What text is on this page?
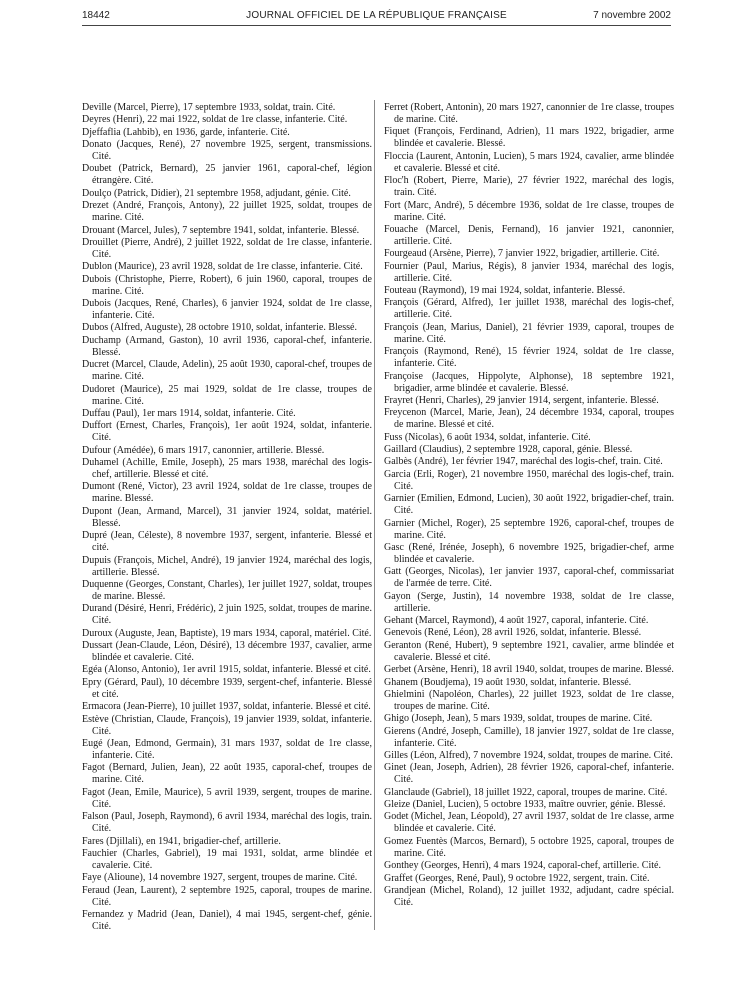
18442	JOURNAL OFFICIEL DE LA RÉPUBLIQUE FRANÇAISE	7 novembre 2002

Deville (Marcel, Pierre), 17 septembre 1933, soldat, train. Cité.

Deyres (Henri), 22 mai 1922, soldat de 1re classe, infanterie. Cité.

Djeffaflia (Lahbib), en 1936, garde, infanterie. Cité.

Donato (Jacques, René), 27 novembre 1925, sergent, transmissions. Cité.

Doubet (Patrick, Bernard), 25 janvier 1961, caporal-chef, légion étrangère. Cité.

Doulço (Patrick, Didier), 21 septembre 1958, adjudant, génie. Cité.

Drezet (André, François, Antony), 22 juillet 1925, soldat, troupes de marine. Cité.

Drouant (Marcel, Jules), 7 septembre 1941, soldat, infanterie. Blessé.

Drouillet (Pierre, André), 2 juillet 1922, soldat de 1re classe, infanterie. Cité.

Dublon (Maurice), 23 avril 1928, soldat de 1re classe, infanterie. Cité.

Dubois (Christophe, Pierre, Robert), 6 juin 1960, caporal, troupes de marine. Cité.

Dubois (Jacques, René, Charles), 6 janvier 1924, soldat de 1re classe, infanterie. Cité.

Dubos (Alfred, Auguste), 28 octobre 1910, soldat, infanterie. Blessé.

Duchamp (Armand, Gaston), 10 avril 1936, caporal-chef, infanterie. Blessé.

Ducret (Marcel, Claude, Adelin), 25 août 1930, caporal-chef, troupes de marine. Cité.

Dudoret (Maurice), 25 mai 1929, soldat de 1re classe, troupes de marine. Cité.

Duffau (Paul), 1er mars 1914, soldat, infanterie. Cité.

Duffort (Ernest, Charles, François), 1er août 1924, soldat, infanterie. Cité.

Dufour (Amédée), 6 mars 1917, canonnier, artillerie. Blessé.

Duhamel (Achille, Emile, Joseph), 25 mars 1938, maréchal des logis-chef, artillerie. Blessé et cité.

Dumont (René, Victor), 23 avril 1924, soldat de 1re classe, troupes de marine. Blessé.

Dupont (Jean, Armand, Marcel), 31 janvier 1924, soldat, matériel. Blessé.

Dupré (Jean, Céleste), 8 novembre 1937, sergent, infanterie. Blessé et cité.

Dupuis (François, Michel, André), 19 janvier 1924, maréchal des logis, artillerie. Blessé.

Duquenne (Georges, Constant, Charles), 1er juillet 1927, soldat, troupes de marine. Blessé.

Durand (Désiré, Henri, Frédéric), 2 juin 1925, soldat, troupes de marine. Cité.

Duroux (Auguste, Jean, Baptiste), 19 mars 1934, caporal, matériel. Cité.

Dussart (Jean-Claude, Léon, Désiré), 13 décembre 1937, cavalier, arme blindée et cavalerie. Cité.

Egéa (Alonso, Antonio), 1er avril 1915, soldat, infanterie. Blessé et cité.

Epry (Gérard, Paul), 10 décembre 1939, sergent-chef, infanterie. Blessé et cité.

Ermacora (Jean-Pierre), 10 juillet 1937, soldat, infanterie. Blessé et cité.

Estève (Christian, Claude, François), 19 janvier 1939, soldat, infanterie. Cité.

Eugé (Jean, Edmond, Germain), 31 mars 1937, soldat de 1re classe, infanterie. Cité.

Fagot (Bernard, Julien, Jean), 22 août 1935, caporal-chef, troupes de marine. Cité.

Fagot (Jean, Emile, Maurice), 5 avril 1939, sergent, troupes de marine. Cité.

Falson (Paul, Joseph, Raymond), 6 avril 1934, maréchal des logis, train. Cité.

Fares (Djillali), en 1941, brigadier-chef, artillerie.

Fauchier (Charles, Gabriel), 19 mai 1931, soldat, arme blindée et cavalerie. Cité.

Faye (Alioune), 14 novembre 1927, sergent, troupes de marine. Cité.

Feraud (Jean, Laurent), 2 septembre 1925, caporal, troupes de marine. Cité.

Fernandez y Madrid (Jean, Daniel), 4 mai 1945, sergent-chef, génie. Cité.

Ferret (Robert, Antonin), 20 mars 1927, canonnier de 1re classe, troupes de marine. Cité.

Fiquet (François, Ferdinand, Adrien), 11 mars 1922, brigadier, arme blindée et cavalerie. Blessé.

Floccia (Laurent, Antonin, Lucien), 5 mars 1924, cavalier, arme blindée et cavalerie. Blessé et cité.

Floc'h (Robert, Pierre, Marie), 27 février 1922, maréchal des logis, train. Cité.

Fort (Marc, André), 5 décembre 1936, soldat de 1re classe, troupes de marine. Cité.

Fouache (Marcel, Denis, Fernand), 16 janvier 1921, canonnier, artillerie. Cité.

Fourgeaud (Arsène, Pierre), 7 janvier 1922, brigadier, artillerie. Cité.

Fournier (Paul, Marius, Régis), 8 janvier 1934, maréchal des logis, artillerie. Cité.

Fouteau (Raymond), 19 mai 1924, soldat, infanterie. Blessé.

François (Gérard, Alfred), 1er juillet 1938, maréchal des logis-chef, artillerie. Cité.

François (Jean, Marius, Daniel), 21 février 1939, caporal, troupes de marine. Cité.

François (Raymond, René), 15 février 1924, soldat de 1re classe, infanterie. Cité.

Françoise (Jacques, Hippolyte, Alphonse), 18 septembre 1921, brigadier, arme blindée et cavalerie. Blessé.

Frayret (Henri, Charles), 29 janvier 1914, sergent, infanterie. Blessé.

Freycenon (Marcel, Marie, Jean), 24 décembre 1934, caporal, troupes de marine. Blessé et cité.

Fuss (Nicolas), 6 août 1934, soldat, infanterie. Cité.

Gaillard (Claudius), 2 septembre 1928, caporal, génie. Blessé.

Galbès (André), 1er février 1947, maréchal des logis-chef, train. Cité.

Garcia (Erli, Roger), 21 novembre 1950, maréchal des logis-chef, train. Cité.

Garnier (Emilien, Edmond, Lucien), 30 août 1922, brigadier-chef, train. Cité.

Garnier (Michel, Roger), 25 septembre 1926, caporal-chef, troupes de marine. Cité.

Gasc (René, Irénée, Joseph), 6 novembre 1925, brigadier-chef, arme blindée et cavalerie.

Gatt (Georges, Nicolas), 1er janvier 1937, caporal-chef, commissariat de l'armée de terre. Cité.

Gayon (Serge, Justin), 14 novembre 1938, soldat de 1re classe, artillerie.

Gehant (Marcel, Raymond), 4 août 1927, caporal, infanterie. Cité.

Genevois (René, Léon), 28 avril 1926, soldat, infanterie. Blessé.

Geranton (René, Hubert), 9 septembre 1921, cavalier, arme blindée et cavalerie. Blessé et cité.

Gerbet (Arsène, Henri), 18 avril 1940, soldat, troupes de marine. Blessé.

Ghanem (Boudjema), 19 août 1930, soldat, infanterie. Blessé.

Ghielmini (Napoléon, Charles), 22 juillet 1923, soldat de 1re classe, troupes de marine. Cité.

Ghigo (Joseph, Jean), 5 mars 1939, soldat, troupes de marine. Cité.

Gierens (André, Joseph, Camille), 18 janvier 1927, soldat de 1re classe, infanterie. Cité.

Gilles (Léon, Alfred), 7 novembre 1924, soldat, troupes de marine. Cité.

Ginet (Jean, Joseph, Adrien), 28 février 1926, caporal-chef, infanterie. Cité.

Glanclaude (Gabriel), 18 juillet 1922, caporal, troupes de marine. Cité.

Gleize (Daniel, Lucien), 5 octobre 1933, maître ouvrier, génie. Blessé.

Godet (Michel, Jean, Léopold), 27 avril 1937, soldat de 1re classe, arme blindée et cavalerie. Cité.

Gomez Fuentès (Marcos, Bernard), 5 octobre 1925, caporal, troupes de marine. Cité.

Gonthey (Georges, Henri), 4 mars 1924, caporal-chef, artillerie. Cité.

Graffet (Georges, René, Paul), 9 octobre 1922, sergent, train. Cité.

Grandjean (Michel, Roland), 12 juillet 1932, adjudant, cadre spécial. Cité.
